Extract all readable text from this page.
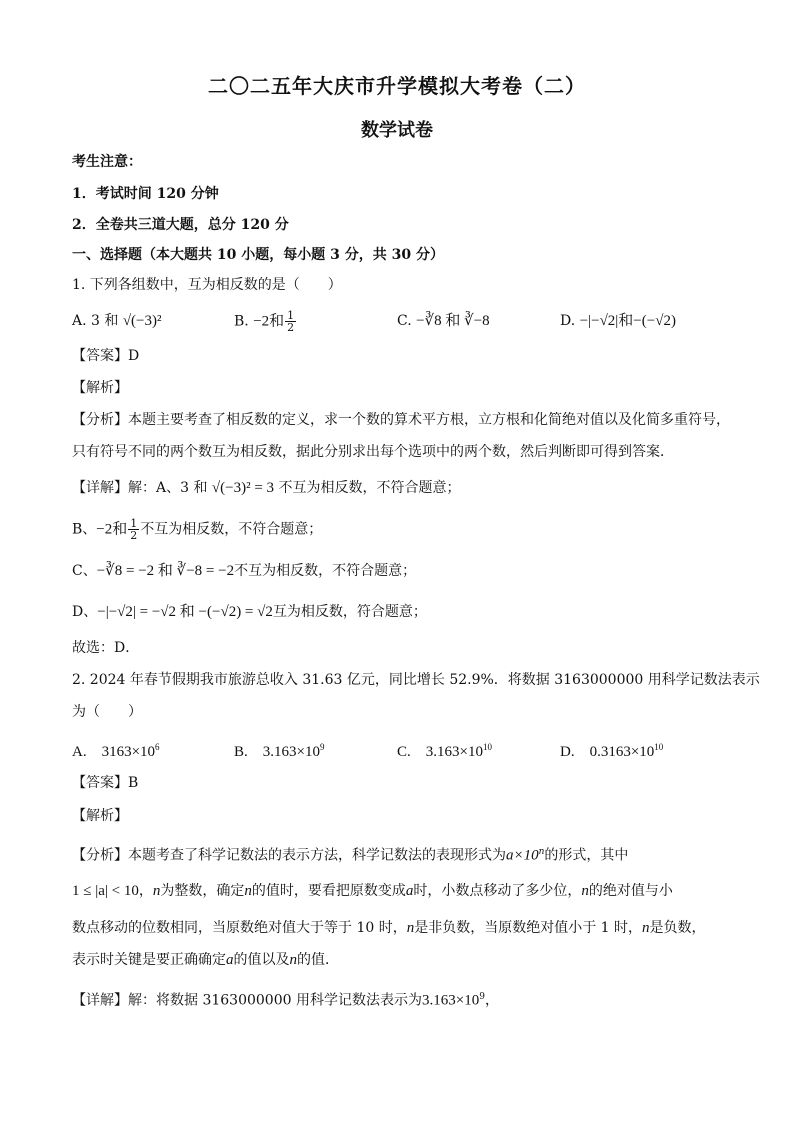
二〇二五年大庆市升学模拟大考卷（二）
数学试卷
考生注意：
1．考试时间 120 分钟
2．全卷共三道大题，总分 120 分
一、选择题（本大题共 10 小题，每小题 3 分，共 30 分）
1. 下列各组数中，互为相反数的是（　　）
A. 3 和 √(−3)²	B. −2和 $\frac{1}{2}$	C. −∛8 和 ∛−8	D. −|−√2|和−(−√2)
【答案】D
【解析】
【分析】本题主要考查了相反数的定义，求一个数的算术平方根，立方根和化简绝对值以及化简多重符号，
只有符号不同的两个数互为相反数，据此分别求出每个选项中的两个数，然后判断即可得到答案．
【详解】解：A、3 和 √(−3)² = 3 不互为相反数，不符合题意；
B、−2和 $\frac{1}{2}$ 不互为相反数，不符合题意；
C、−∛8 = −2 和 ∛−8 = −2不互为相反数，不符合题意；
D、−|−√2| = −√2 和 −(−√2) = √2互为相反数，符合题意；
故选：D．
2. 2024 年春节假期我市旅游总收入 31.63 亿元，同比增长 52.9%．将数据 3163000000 用科学记数法表示
为（　　）
A.　$3163\times 10^6$	B.　$3.163\times 10^9$	C.　$3.163\times 10^{10}$	D.　$0.3163\times 10^{10}$
【答案】B
【解析】
【分析】本题考查了科学记数法的表示方法，科学记数法的表现形式为$a\times 10^n$的形式，其中
1 ≤ |a| < 10，n为整数，确定n的值时，要看把原数变成a时，小数点移动了多少位，n的绝对值与小
数点移动的位数相同，当原数绝对值大于等于 10 时，n是非负数，当原数绝对值小于 1 时，n是负数，
表示时关键是要正确确定a的值以及n的值．
【详解】解：将数据 3163000000 用科学记数法表示为$3.163\times 10^9$，
